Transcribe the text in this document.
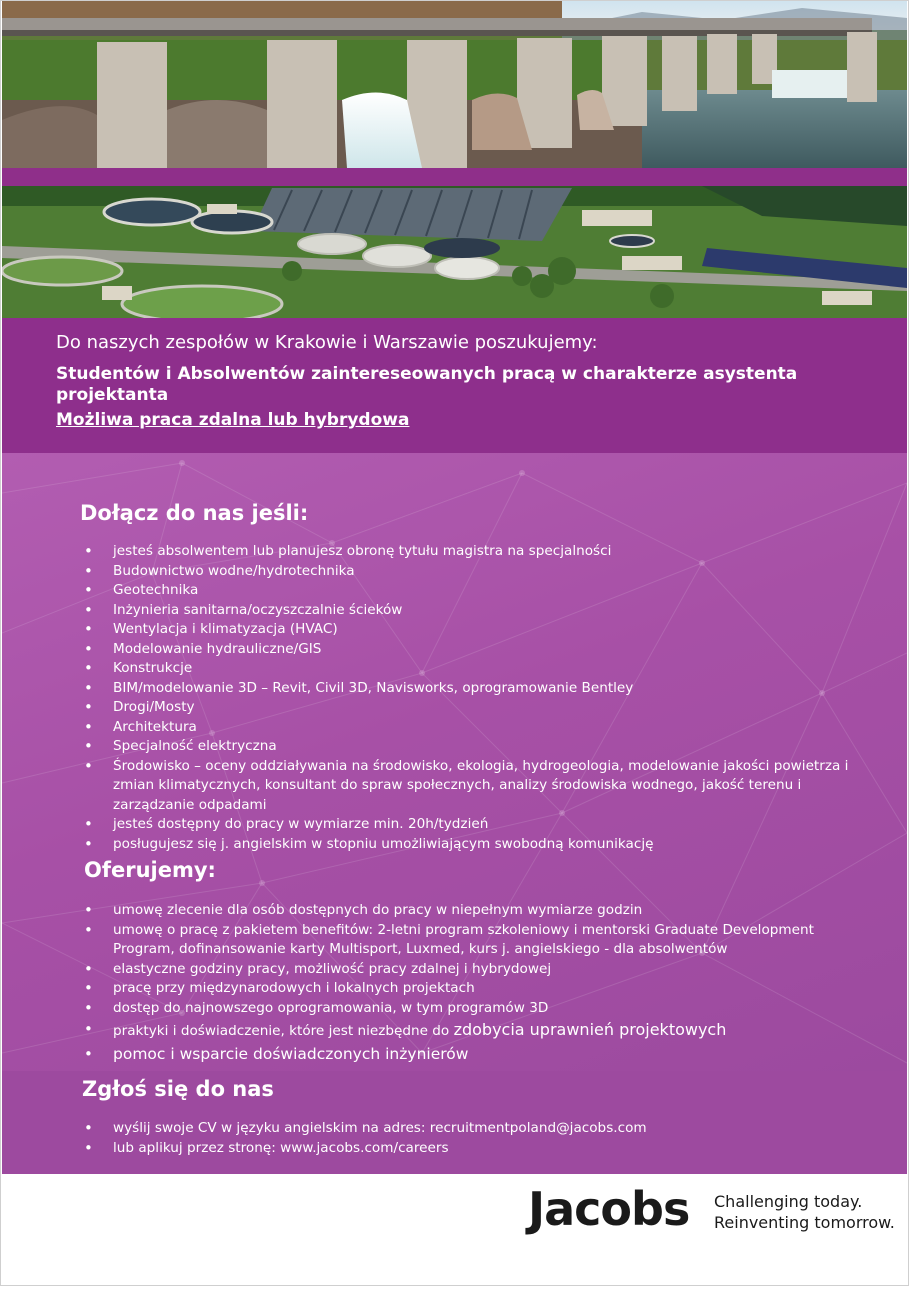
Do naszych zespołów w Krakowie i Warszawie poszukujemy:

Studentów i Absolwentów zaintereseowanych pracą w charakterze asystenta projektanta

Możliwa praca zdalna lub hybrydowa

Dołącz do nas jeśli:
• jesteś absolwentem lub planujesz obronę tytułu magistra na specjalności
• Budownictwo wodne/hydrotechnika
• Geotechnika
• Inżynieria sanitarna/oczyszczalnie ścieków
• Wentylacja i klimatyzacja (HVAC)
• Modelowanie hydrauliczne/GIS
• Konstrukcje
• BIM/modelowanie 3D – Revit, Civil 3D, Navisworks, oprogramowanie Bentley
• Drogi/Mosty
• Architektura
• Specjalność elektryczna
• Środowisko – oceny oddziaływania na środowisko, ekologia, hydrogeologia, modelowanie jakości powietrza i zmian klimatycznych, konsultant do spraw społecznych, analizy środowiska wodnego, jakość terenu i zarządzanie odpadami
• jesteś dostępny do pracy w wymiarze min. 20h/tydzień
• posługujesz się j. angielskim w stopniu umożliwiającym swobodną komunikację
Oferujemy:
• umowę zlecenie dla osób dostępnych do pracy w niepełnym wymiarze godzin
• umowę o pracę z pakietem benefitów: 2-letni program szkoleniowy i mentorski Graduate Development Program, dofinansowanie karty Multisport, Luxmed, kurs j. angielskiego - dla absolwentów
• elastyczne godziny pracy, możliwość pracy zdalnej i hybrydowej
• pracę przy międzynarodowych i lokalnych projektach
• dostęp do najnowszego oprogramowania, w tym programów 3D
• praktyki i doświadczenie, które jest niezbędne do zdobycia uprawnień projektowych
• pomoc i wsparcie doświadczonych inżynierów
Zgłoś się do nas
• wyślij swoje CV w języku angielskim na adres: recruitmentpoland@jacobs.com
• lub aplikuj przez stronę: www.jacobs.com/careers
Jacobs Challenging today.
Reinventing tomorrow.
